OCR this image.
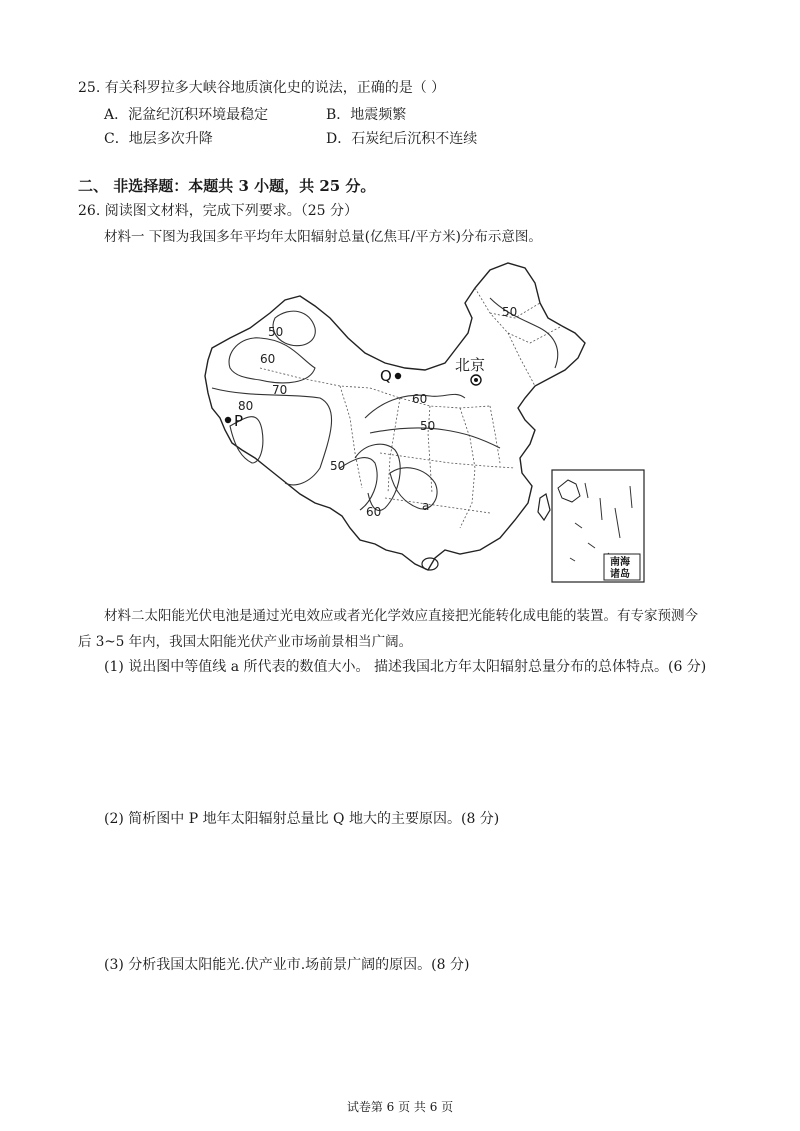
25. 有关科罗拉多大峡谷地质演化史的说法，正确的是（ ）
A．泥盆纪沉积环境最稳定	B．地震频繁
C．地层多次升降	D．石炭纪后沉积不连续
二、 非选择题：本题共 3 小题，共 25 分。
26. 阅读图文材料，完成下列要求。（25 分）
材料一 下图为我国多年平均年太阳辐射总量(亿焦耳/平方米)分布示意图。
50
60
70
80
P
Q
北京
60
50
50
50
60	a
南海
诸岛
材料二太阳能光伏电池是通过光电效应或者光化学效应直接把光能转化成电能的装置。有专家预测今
后 3~5 年内，我国太阳能光伏产业市场前景相当广阔。
(1) 说出图中等值线 a 所代表的数值大小。 描述我国北方年太阳辐射总量分布的总体特点。(6 分)
(2) 简析图中 P 地年太阳辐射总量比 Q 地大的主要原因。(8 分)
(3) 分析我国太阳能光.伏产业市.场前景广阔的原因。(8 分)
试卷第 6 页 共 6 页
